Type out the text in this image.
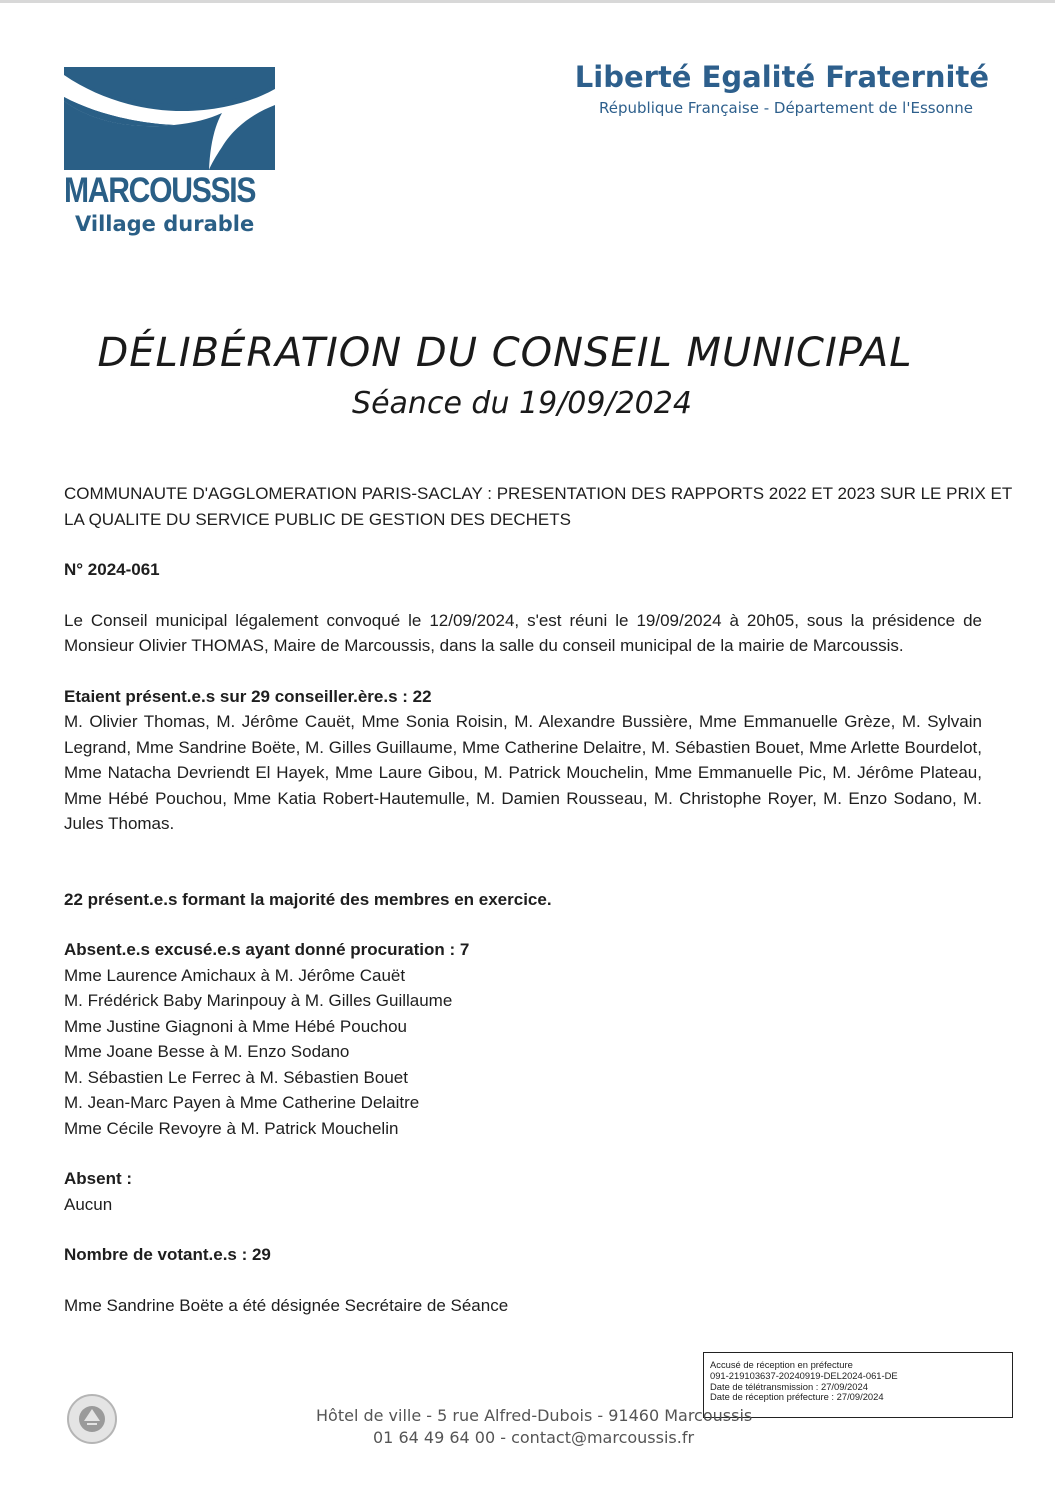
MARCOUSSIS
Village durable
Liberté Egalité Fraternité
République Française - Département de l'Essonne
DÉLIBÉRATION DU CONSEIL MUNICIPAL
Séance du 19/09/2024

COMMUNAUTE D'AGGLOMERATION PARIS-SACLAY : PRESENTATION DES RAPPORTS 2022 ET 2023 SUR LE PRIX ET

LA QUALITE DU SERVICE PUBLIC DE GESTION DES DECHETS

N° 2024-061

Le Conseil municipal légalement convoqué le 12/09/2024, s'est réuni le 19/09/2024 à 20h05, sous la présidence de Monsieur Olivier THOMAS, Maire de Marcoussis, dans la salle du conseil municipal de la mairie de Marcoussis.

Etaient présent.e.s sur 29 conseiller.ère.s : 22

M. Olivier Thomas, M. Jérôme Cauët, Mme Sonia Roisin, M. Alexandre Bussière, Mme Emmanuelle Grèze, M. Sylvain Legrand, Mme Sandrine Boëte, M. Gilles Guillaume, Mme Catherine Delaitre, M. Sébastien Bouet, Mme Arlette Bourdelot, Mme Natacha Devriendt El Hayek, Mme Laure Gibou, M. Patrick Mouchelin, Mme Emmanuelle Pic, M. Jérôme Plateau, Mme Hébé Pouchou, Mme Katia Robert-Hautemulle, M. Damien Rousseau, M. Christophe Royer, M. Enzo Sodano, M. Jules Thomas.

22 présent.e.s formant la majorité des membres en exercice.

Absent.e.s excusé.e.s ayant donné procuration : 7

Mme Laurence Amichaux à M. Jérôme Cauët

M. Frédérick Baby Marinpouy à M. Gilles Guillaume

Mme Justine Giagnoni à Mme Hébé Pouchou

Mme Joane Besse à M. Enzo Sodano

M. Sébastien Le Ferrec à M. Sébastien Bouet

M. Jean-Marc Payen à Mme Catherine Delaitre

Mme Cécile Revoyre à M. Patrick Mouchelin

Absent :

Aucun

Nombre de votant.e.s : 29

Mme Sandrine Boëte a été désignée Secrétaire de Séance

Accusé de réception en préfecture
091-219103637-20240919-DEL2024-061-DE
Date de télétransmission : 27/09/2024
Date de réception préfecture : 27/09/2024
Hôtel de ville - 5 rue Alfred-Dubois - 91460 Marcoussis
01 64 49 64 00 - contact@marcoussis.fr
